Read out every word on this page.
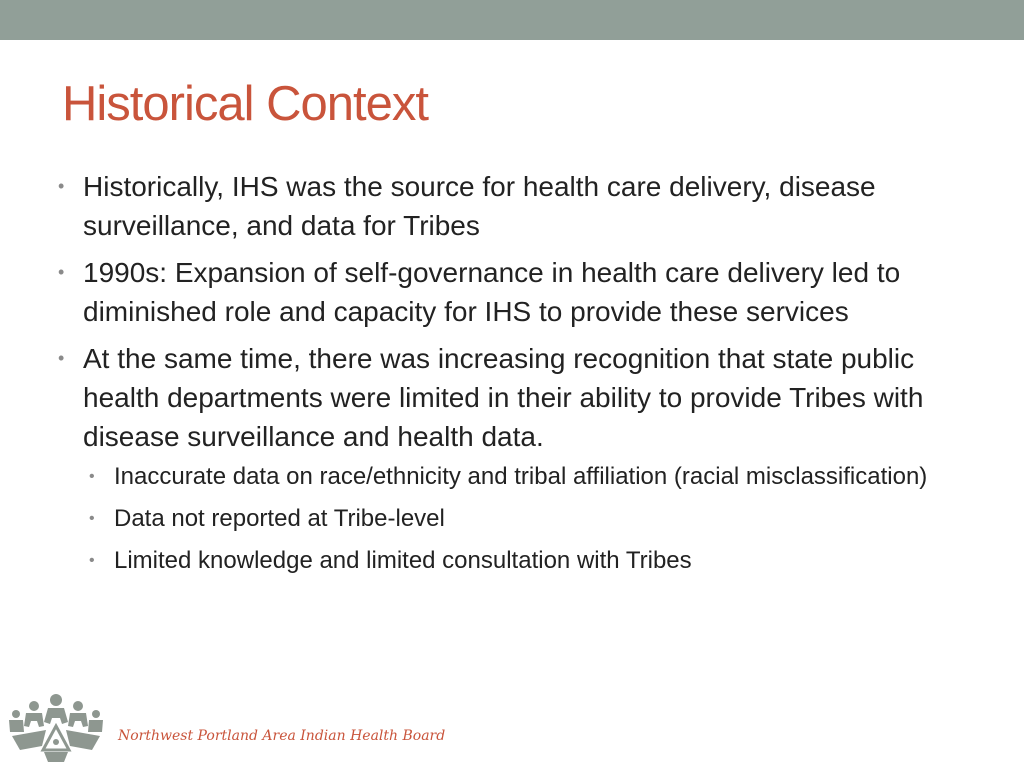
Historical Context
• Historically, IHS was the source for health care delivery, disease surveillance, and data for Tribes
• 1990s: Expansion of self-governance in health care delivery led to diminished role and capacity for IHS to provide these services
• At the same time, there was increasing recognition that state public health departments were limited in their ability to provide Tribes with disease surveillance and health data.
• Inaccurate data on race/ethnicity and tribal affiliation (racial misclassification)
• Data not reported at Tribe-level
• Limited knowledge and limited consultation with Tribes
Northwest Portland Area Indian Health Board
